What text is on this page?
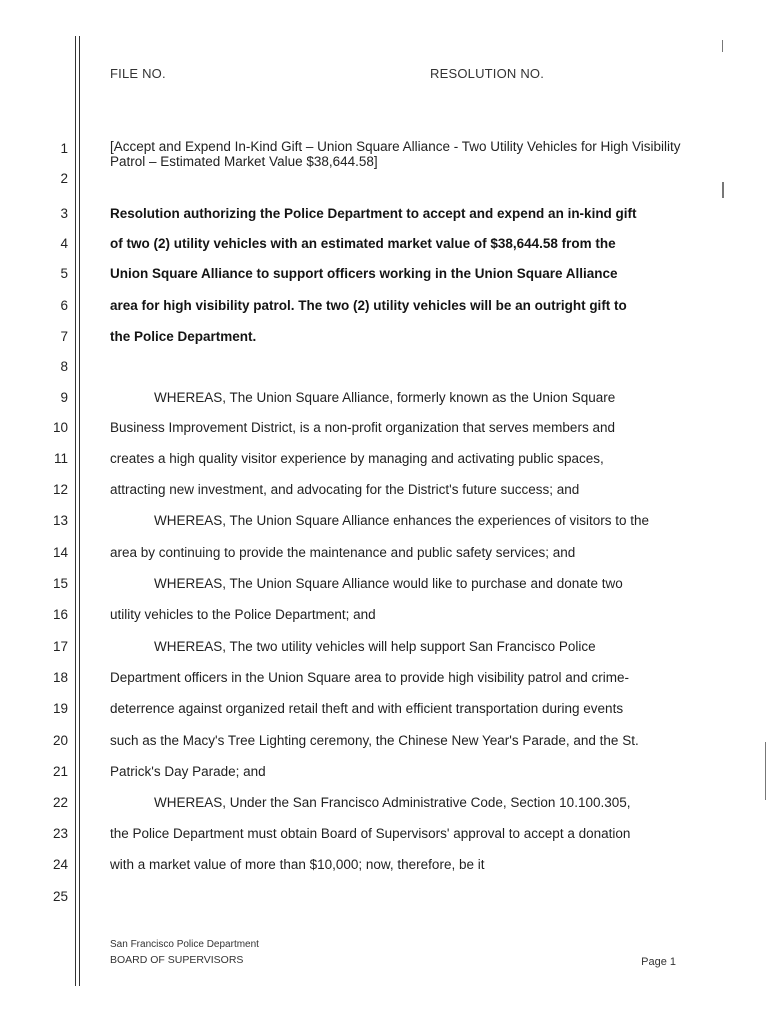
FILE NO.	RESOLUTION NO.
1
2
3
4
5
6
7
8
9
10
11
12
13
14
15
16
17
18
19
20
21
22
23
24
25
[Accept and Expend In-Kind Gift – Union Square Alliance - Two Utility Vehicles for High Visibility Patrol – Estimated Market Value $38,644.58]
Resolution authorizing the Police Department to accept and expend an in-kind gift
of two (2) utility vehicles with an estimated market value of $38,644.58 from the
Union Square Alliance to support officers working in the Union Square Alliance
area for high visibility patrol. The two (2) utility vehicles will be an outright gift to
the Police Department.
WHEREAS, The Union Square Alliance, formerly known as the Union Square
Business Improvement District, is a non-profit organization that serves members and
creates a high quality visitor experience by managing and activating public spaces,
attracting new investment, and advocating for the District's future success; and
WHEREAS, The Union Square Alliance enhances the experiences of visitors to the
area by continuing to provide the maintenance and public safety services; and
WHEREAS, The Union Square Alliance would like to purchase and donate two
utility vehicles to the Police Department; and
WHEREAS, The two utility vehicles will help support San Francisco Police
Department officers in the Union Square area to provide high visibility patrol and crime-
deterrence against organized retail theft and with efficient transportation during events
such as the Macy's Tree Lighting ceremony, the Chinese New Year's Parade, and the St.
Patrick's Day Parade; and
WHEREAS, Under the San Francisco Administrative Code, Section 10.100.305,
the Police Department must obtain Board of Supervisors' approval to accept a donation
with a market value of more than $10,000; now, therefore, be it
San Francisco Police Department
BOARD OF SUPERVISORS	Page 1
